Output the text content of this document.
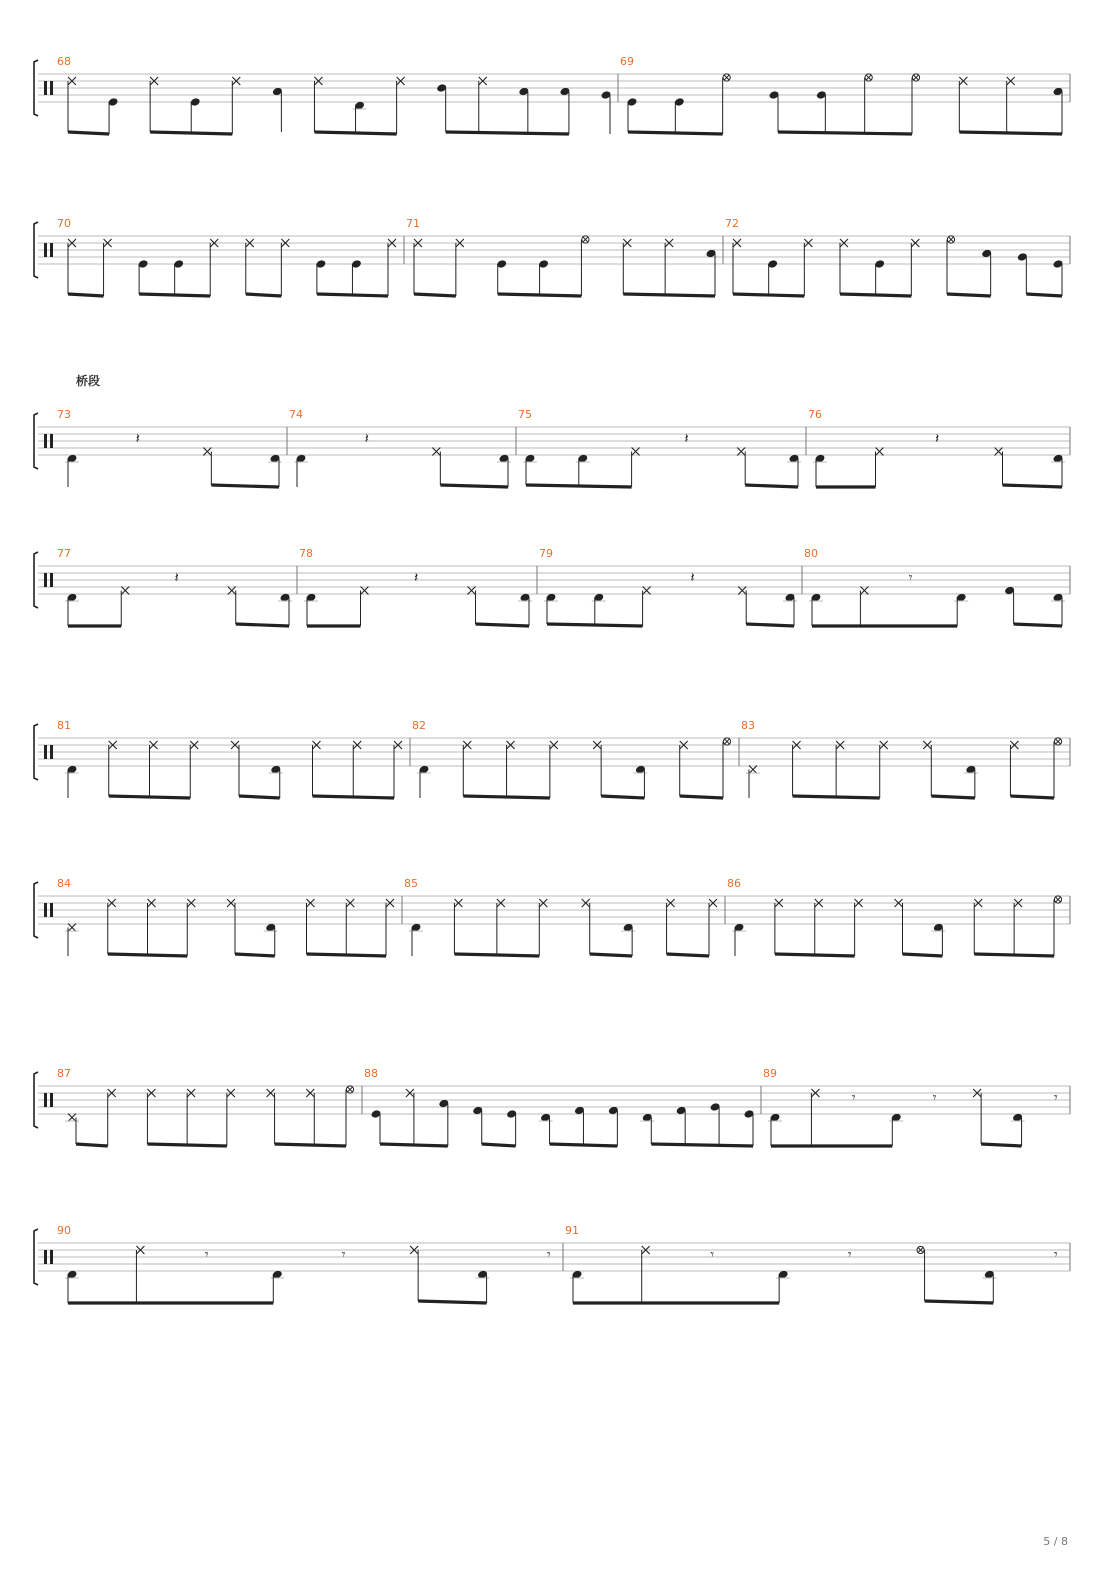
桥段
68	69
70	71	72
73
𝄽
74
𝄽
75
𝄽
76
𝄽
77
𝄽
78
𝄽
79
𝄽
80
𝄾
81	82	83
84	85	86
87	88	89
𝄾	𝄾	𝄾
90
𝄾	𝄾	𝄾
91
𝄾	𝄾	𝄾
5 / 8
